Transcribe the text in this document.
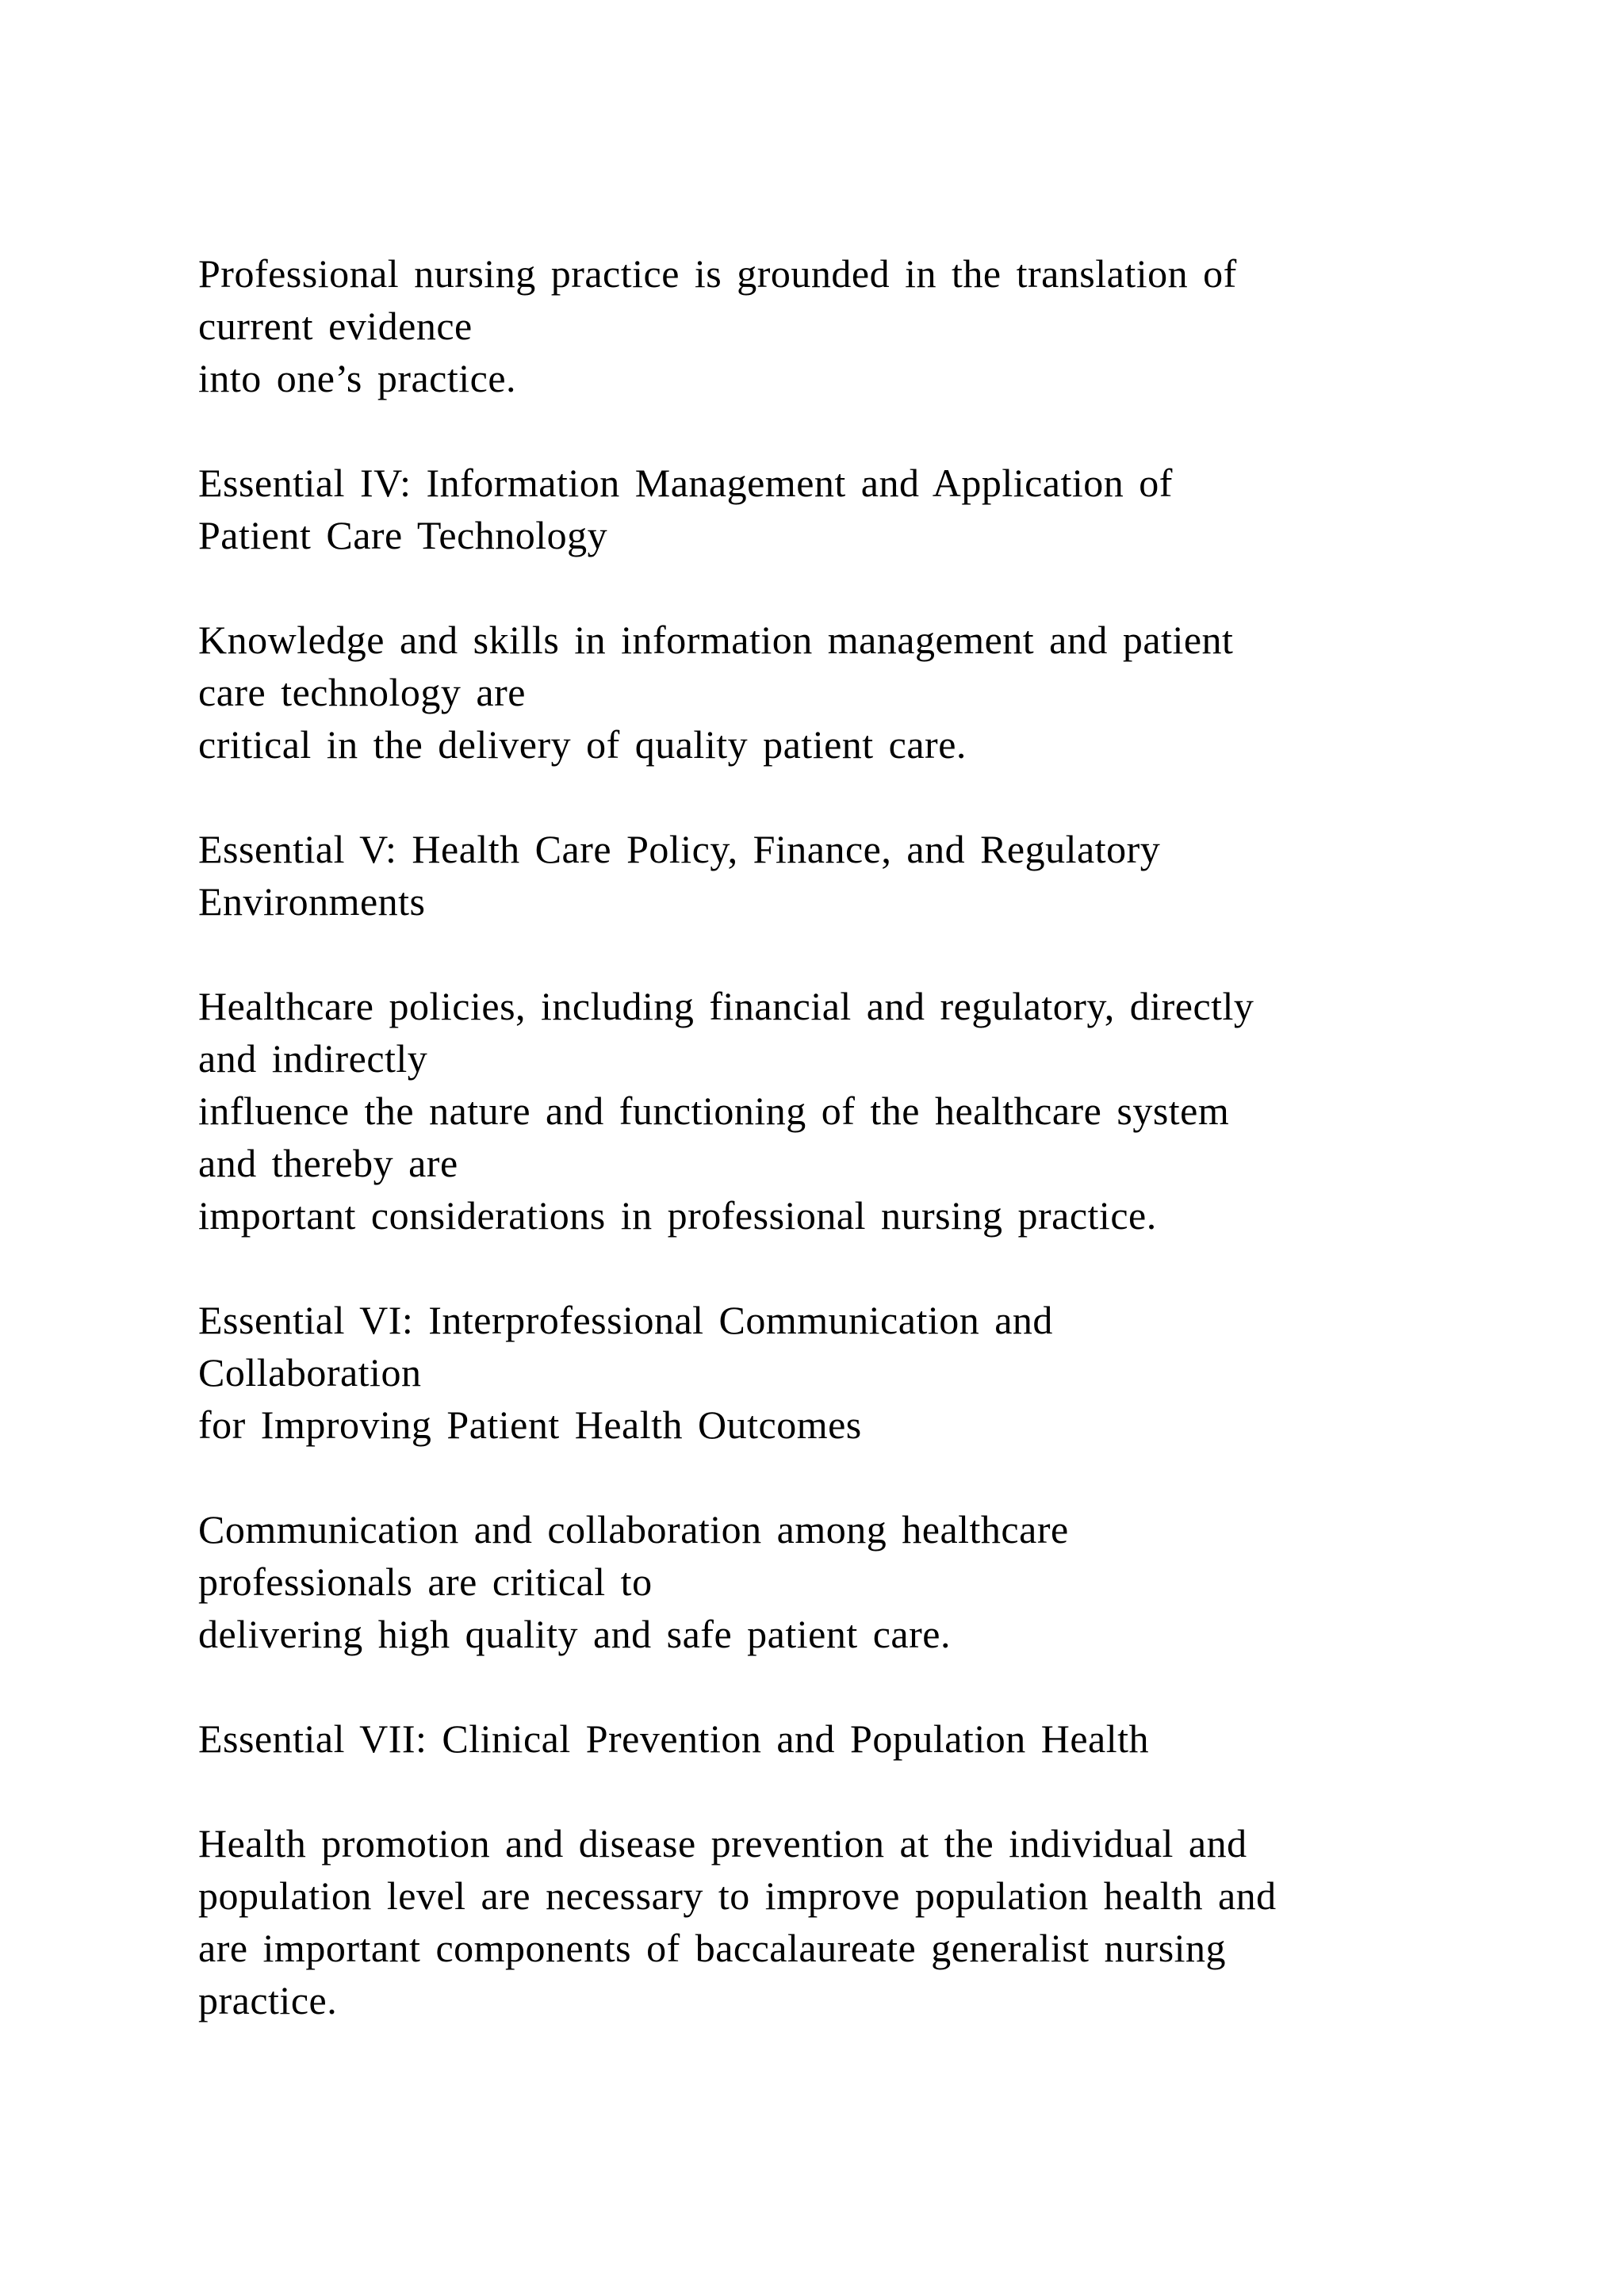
Professional nursing practice is grounded in the translation of
current evidence
into one’s practice.

Essential IV: Information Management and Application of
Patient Care Technology

Knowledge and skills in information management and patient
care technology are
critical in the delivery of quality patient care.

Essential V: Health Care Policy, Finance, and Regulatory
Environments

Healthcare policies, including financial and regulatory, directly
and indirectly
influence the nature and functioning of the healthcare system
and thereby are
important considerations in professional nursing practice.

Essential VI: Interprofessional Communication and
Collaboration
for Improving Patient Health Outcomes

Communication and collaboration among healthcare
professionals are critical to
delivering high quality and safe patient care.

Essential VII: Clinical Prevention and Population Health

Health promotion and disease prevention at the individual and
population level are necessary to improve population health and
are important components of baccalaureate generalist nursing
practice.
